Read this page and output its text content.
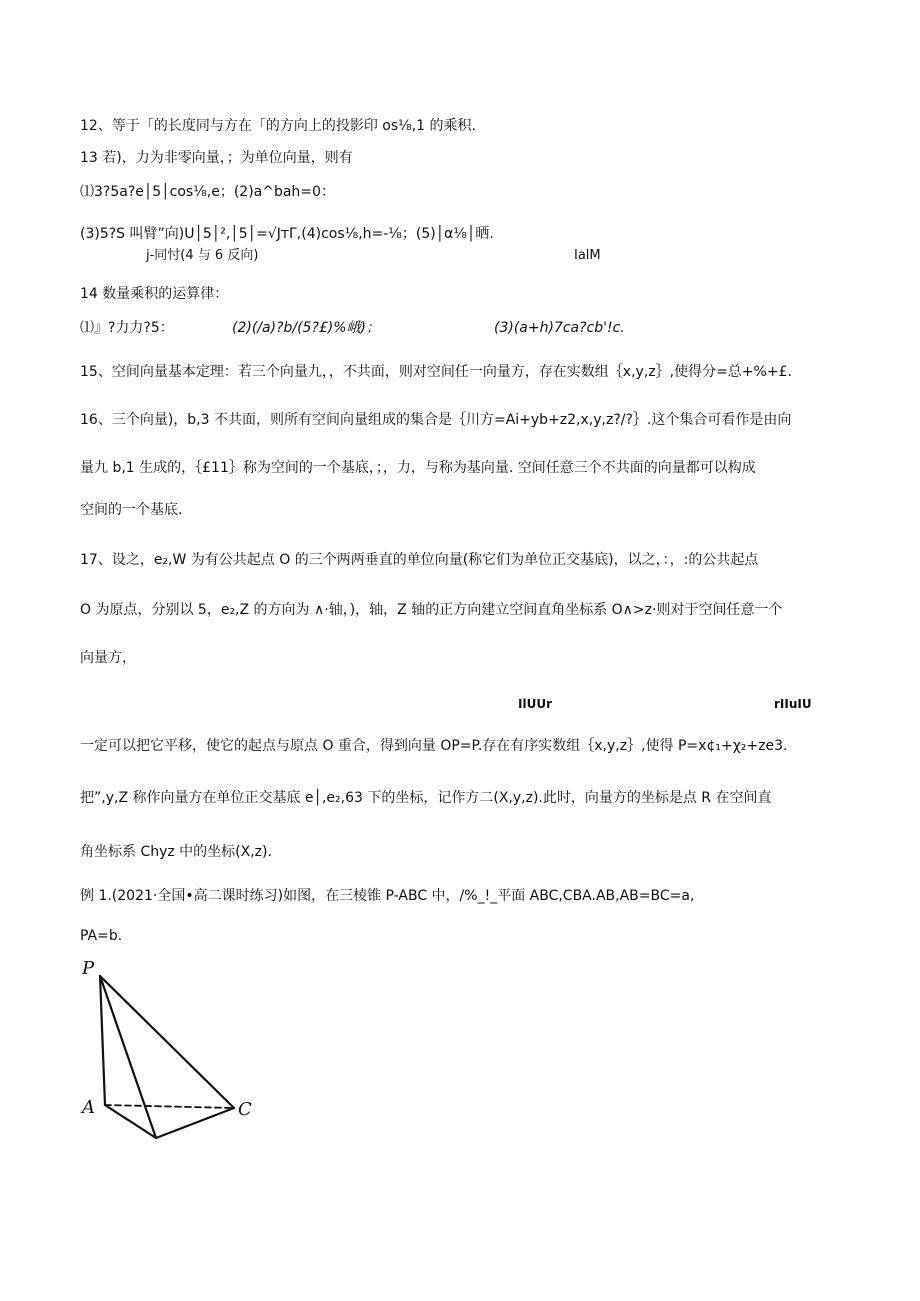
12、等于「的长度同与方在「的方向上的投影印 os⅛,1 的乘积.
13 若)，力为非零向量，；为单位向量，则有
⑴3?5a?e│5│cos⅛,e；(2)a^bah=0：
(3)5?S 叫臂”向)U│5│²,│5│=√JтΓ,(4)cos⅛,h=-⅛；(5)│α⅛│晒.
j-同忖(4 与 6 反向)	IalM
14 数量乘积的运算律：
⑴』?力力?5：	(2)(/a)?b/(5?£)%峨)；	(3)(a+h)7ca?cb'!c.
15、空间向量基本定理：若三个向量九，，不共面，则对空间任一向量方，存在实数组｛x,y,z｝,使得分=总+%+£.
16、三个向量)，b,3 不共面，则所有空间向量组成的集合是｛川方=Ai+yb+z2,x,y,z?/?｝.这个集合可看作是由向
量九 b,1 生成的，｛£11｝称为空间的一个基底，；，力，与称为基向量. 空间任意三个不共面的向量都可以构成
空间的一个基底.
17、设之，e₂,W 为有公共起点 O 的三个两两垂直的单位向量(称它们为单位正交基底)，以之，：，:的公共起点
O 为原点，分别以 5，e₂,Z 的方向为 ∧·轴，)，轴，Z 轴的正方向建立空间直角坐标系 O∧>z·则对于空间任意一个
向量方，
IlUUr	rIIuIU
一定可以把它平移，使它的起点与原点 O 重合，得到向量 OP=P.存在有序实数组｛x,y,z｝,使得 P=x¢₁+χ₂+ze3.
把”,y,Z 称作向量方在单位正交基底 e│,e₂,63 下的坐标，记作方二(X,y,z).此时，向量方的坐标是点 R 在空间直
角坐标系 Chyz 中的坐标(X,z).
例 1.(2021·全国•高二课时练习)如图，在三棱锥 P-ABC 中，/%_!_平面 ABC,CBA.AB,AB=BC=a,
PA=b.
P
A	C
